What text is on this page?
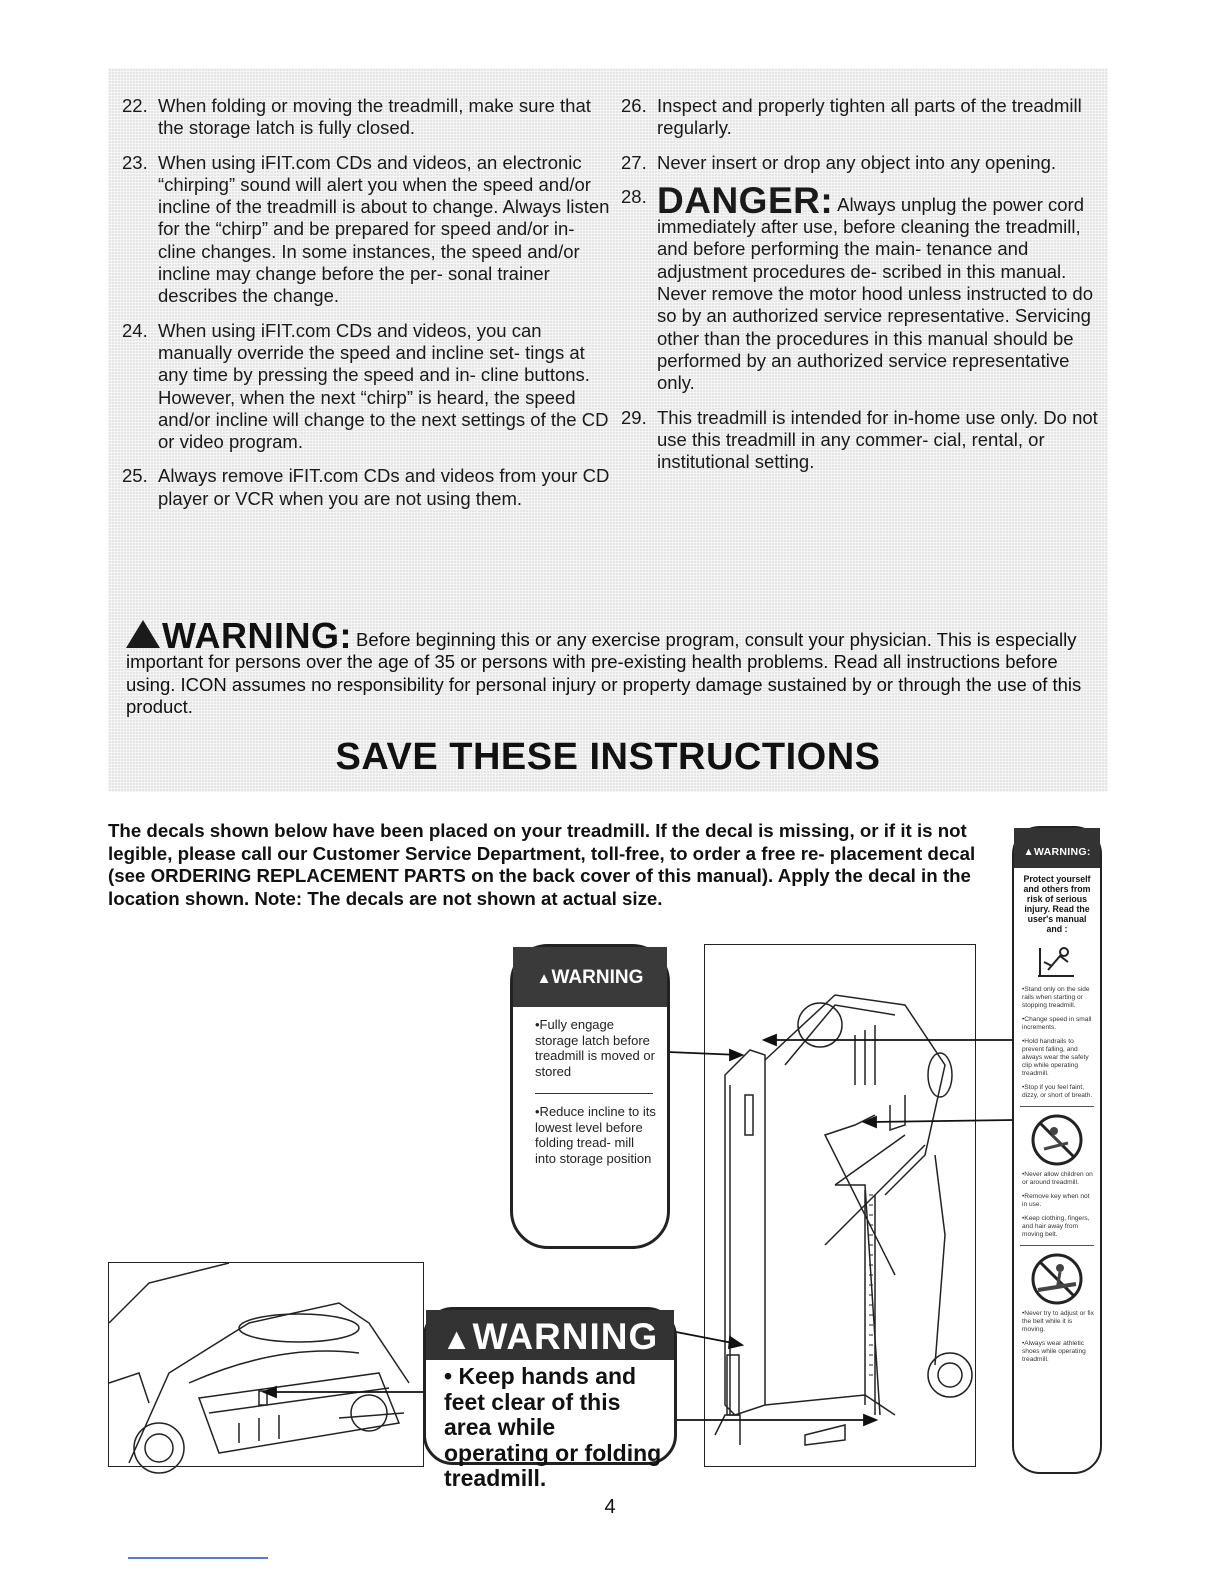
22. When folding or moving the treadmill, make sure that the storage latch is fully closed.
23. When using iFIT.com CDs and videos, an electronic “chirping” sound will alert you when the speed and/or incline of the treadmill is about to change. Always listen for the “chirp” and be prepared for speed and/or in- cline changes. In some instances, the speed and/or incline may change before the per- sonal trainer describes the change.
24. When using iFIT.com CDs and videos, you can manually override the speed and incline set- tings at any time by pressing the speed and in- cline buttons. However, when the next “chirp” is heard, the speed and/or incline will change to the next settings of the CD or video program.
25. Always remove iFIT.com CDs and videos from your CD player or VCR when you are not using them.
26. Inspect and properly tighten all parts of the treadmill regularly.
27. Never insert or drop any object into any opening.
28. DANGER: Always unplug the power cord immediately after use, before cleaning the treadmill, and before performing the main- tenance and adjustment procedures de- scribed in this manual. Never remove the motor hood unless instructed to do so by an authorized service representative. Servicing other than the procedures in this manual should be performed by an authorized service representative only.
29. This treadmill is intended for in-home use only. Do not use this treadmill in any commer- cial, rental, or institutional setting.
WARNING: Before beginning this or any exercise program, consult your physician. This is especially important for persons over the age of 35 or persons with pre-existing health problems. Read all instructions before using. ICON assumes no responsibility for personal injury or property damage sustained by or through the use of this product.
SAVE THESE INSTRUCTIONS
The decals shown below have been placed on your treadmill. If the decal is missing, or if it is not legible, please call our Customer Service Department, toll-free, to order a free re- placement decal (see ORDERING REPLACEMENT PARTS on the back cover of this manual). Apply the decal in the location shown. Note: The decals are not shown at actual size.
▲WARNING
•Fully engage storage latch before treadmill is moved or stored
•Reduce incline to its lowest level before folding tread- mill into storage position
▲WARNING
• Keep hands and feet clear of this area while operating or folding treadmill.
▲WARNING:
Protect yourself and others from risk of serious injury. Read the user's manual and :
•Stand only on the side rails when starting or stopping treadmill.
•Change speed in small increments.
•Hold handrails to prevent falling, and always wear the safety clip while operating treadmill.
•Stop if you feel faint, dizzy, or short of breath.
•Never allow children on or around treadmill.
•Remove key when not in use.
•Keep clothing, fingers, and hair away from moving belt.
•Never try to adjust or fix the belt while it is moving.
•Always wear athletic shoes while operating treadmill.
4
